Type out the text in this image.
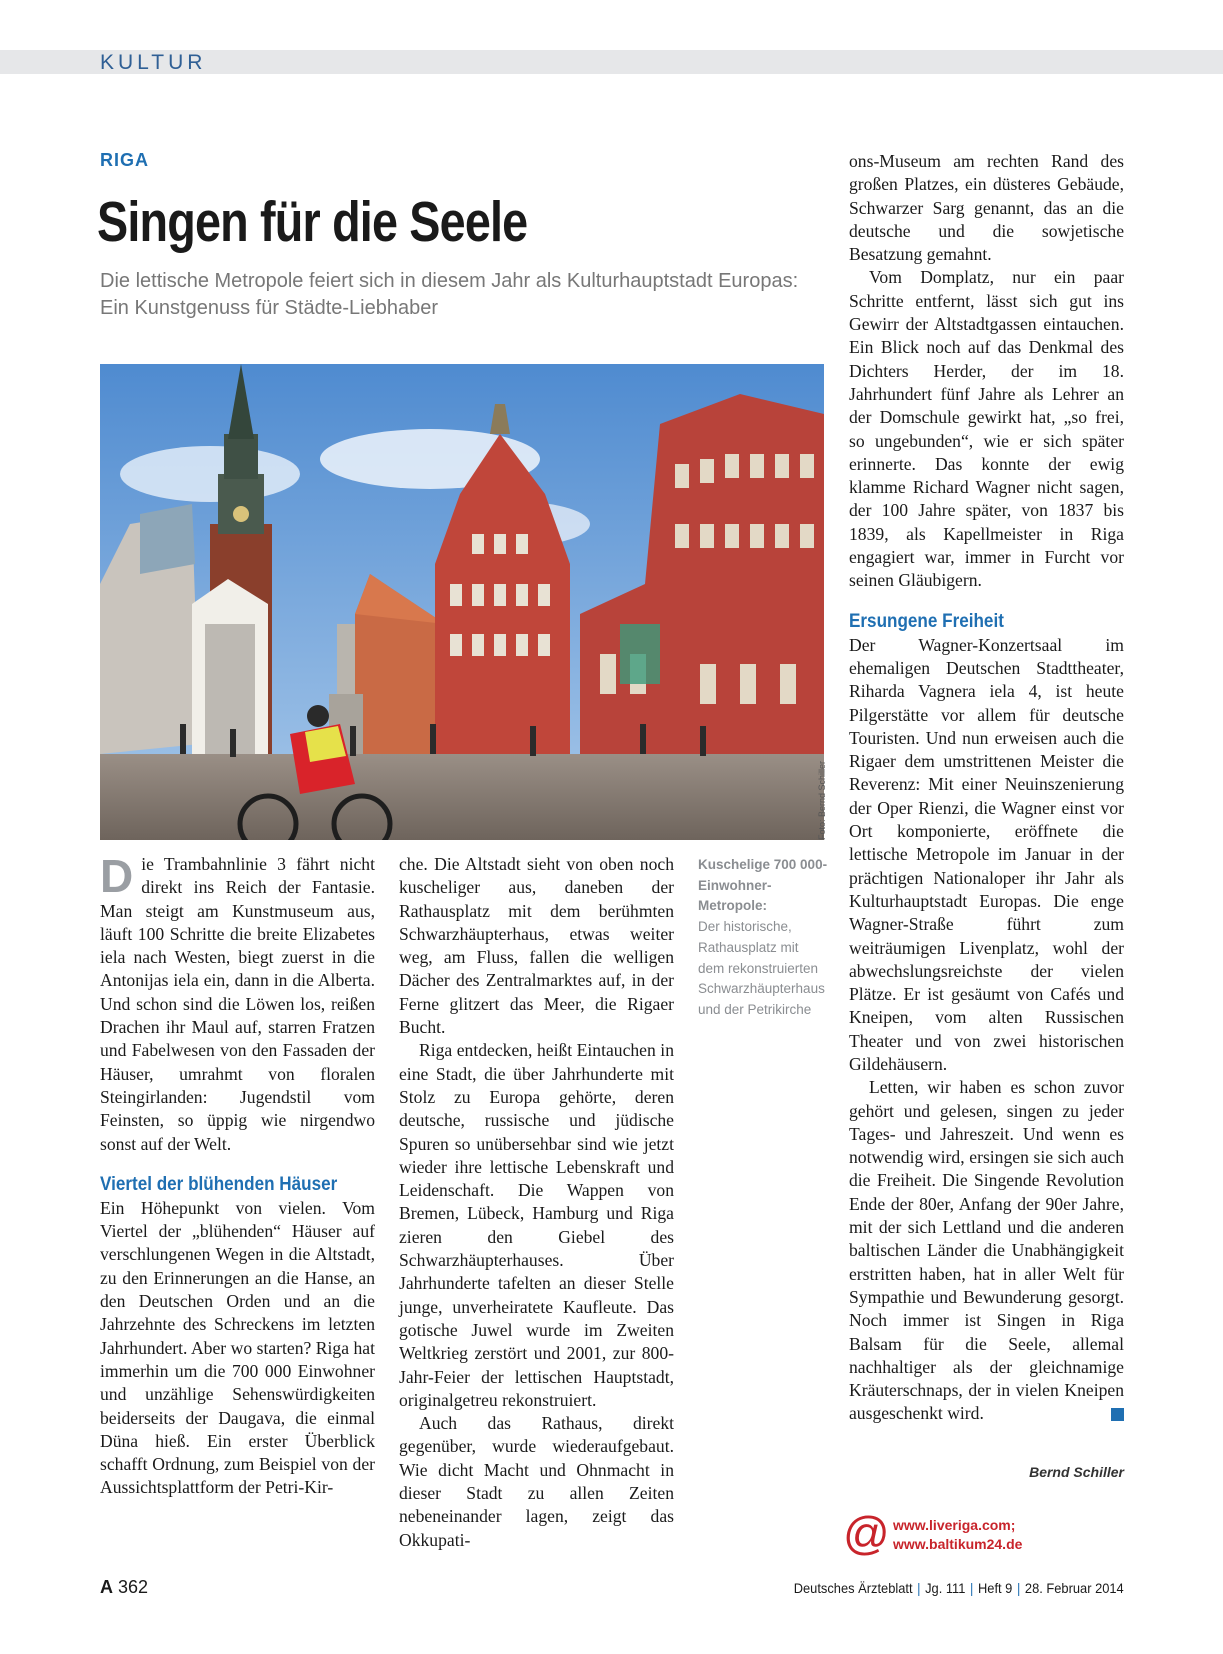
KULTUR
RIGA
Singen für die Seele
Die lettische Metropole feiert sich in diesem Jahr als Kulturhauptstadt Europas: Ein Kunstgenuss für Städte-Liebhaber
Foto: Bernd Schiller
Kuschelige 700 000-Einwohner-Metropole:
Der historische, Rathausplatz mit dem rekonstruierten Schwarzhäupterhaus und der Petrikirche

D ie Trambahnlinie 3 fährt nicht direkt ins Reich der Fantasie. Man steigt am Kunstmuseum aus, läuft 100 Schritte die breite Elizabetes iela nach Westen, biegt zuerst in die Antonijas iela ein, dann in die Alberta. Und schon sind die Löwen los, reißen Drachen ihr Maul auf, starren Fratzen und Fabelwesen von den Fassaden der Häuser, umrahmt von floralen Steingirlanden: Jugendstil vom Feinsten, so üppig wie nirgendwo sonst auf der Welt.

Viertel der blühenden Häuser

Ein Höhepunkt von vielen. Vom Viertel der „blühenden“ Häuser auf verschlungenen Wegen in die Altstadt, zu den Erinnerungen an die Hanse, an den Deutschen Orden und an die Jahrzehnte des Schreckens im letzten Jahrhundert. Aber wo starten? Riga hat immerhin um die 700 000 Einwohner und unzählige Sehenswürdigkeiten beiderseits der Daugava, die einmal Düna hieß. Ein erster Überblick schafft Ordnung, zum Beispiel von der Aussichtsplattform der Petri-Kir-

che. Die Altstadt sieht von oben noch kuscheliger aus, daneben der Rathausplatz mit dem berühmten Schwarzhäupterhaus, etwas weiter weg, am Fluss, fallen die welligen Dächer des Zentralmarktes auf, in der Ferne glitzert das Meer, die Rigaer Bucht.

Riga entdecken, heißt Eintauchen in eine Stadt, die über Jahrhunderte mit Stolz zu Europa gehörte, deren deutsche, russische und jüdische Spuren so unübersehbar sind wie jetzt wieder ihre lettische Lebenskraft und Leidenschaft. Die Wappen von Bremen, Lübeck, Hamburg und Riga zieren den Giebel des Schwarzhäupterhauses. Über Jahrhunderte tafelten an dieser Stelle junge, unverheiratete Kaufleute. Das gotische Juwel wurde im Zweiten Weltkrieg zerstört und 2001, zur 800-Jahr-Feier der lettischen Hauptstadt, originalgetreu rekonstruiert.

Auch das Rathaus, direkt gegenüber, wurde wiederaufgebaut. Wie dicht Macht und Ohnmacht in dieser Stadt zu allen Zeiten nebeneinander lagen, zeigt das Okkupati-

ons-Museum am rechten Rand des großen Platzes, ein düsteres Gebäude, Schwarzer Sarg genannt, das an die deutsche und die sowjetische Besatzung gemahnt.

Vom Domplatz, nur ein paar Schritte entfernt, lässt sich gut ins Gewirr der Altstadtgassen eintauchen. Ein Blick noch auf das Denkmal des Dichters Herder, der im 18. Jahrhundert fünf Jahre als Lehrer an der Domschule gewirkt hat, „so frei, so ungebunden“, wie er sich später erinnerte. Das konnte der ewig klamme Richard Wagner nicht sagen, der 100 Jahre später, von 1837 bis 1839, als Kapellmeister in Riga engagiert war, immer in Furcht vor seinen Gläubigern.

Ersungene Freiheit

Der Wagner-Konzertsaal im ehemaligen Deutschen Stadttheater, Riharda Vagnera iela 4, ist heute Pilgerstätte vor allem für deutsche Touristen. Und nun erweisen auch die Rigaer dem umstrittenen Meister die Reverenz: Mit einer Neuinszenierung der Oper Rienzi, die Wagner einst vor Ort komponierte, eröffnete die lettische Metropole im Januar in der prächtigen Nationaloper ihr Jahr als Kulturhauptstadt Europas. Die enge Wagner-Straße führt zum weiträumigen Livenplatz, wohl der abwechslungsreichste der vielen Plätze. Er ist gesäumt von Cafés und Kneipen, vom alten Russischen Theater und von zwei historischen Gildehäusern.

Letten, wir haben es schon zuvor gehört und gelesen, singen zu jeder Tages- und Jahreszeit. Und wenn es notwendig wird, ersingen sie sich auch die Freiheit. Die Singende Revolution Ende der 80er, Anfang der 90er Jahre, mit der sich Lettland und die anderen baltischen Länder die Unabhängigkeit erstritten haben, hat in aller Welt für Sympathie und Bewunderung gesorgt. Noch immer ist Singen in Riga Balsam für die Seele, allemal nachhaltiger als der gleichnamige Kräuterschnaps, der in vielen Kneipen ausgeschenkt wird.

Bernd Schiller
@ www.liveriga.com;
www.baltikum24.de
A 362	Deutsches Ärzteblatt | Jg. 111 | Heft 9 | 28. Februar 2014
